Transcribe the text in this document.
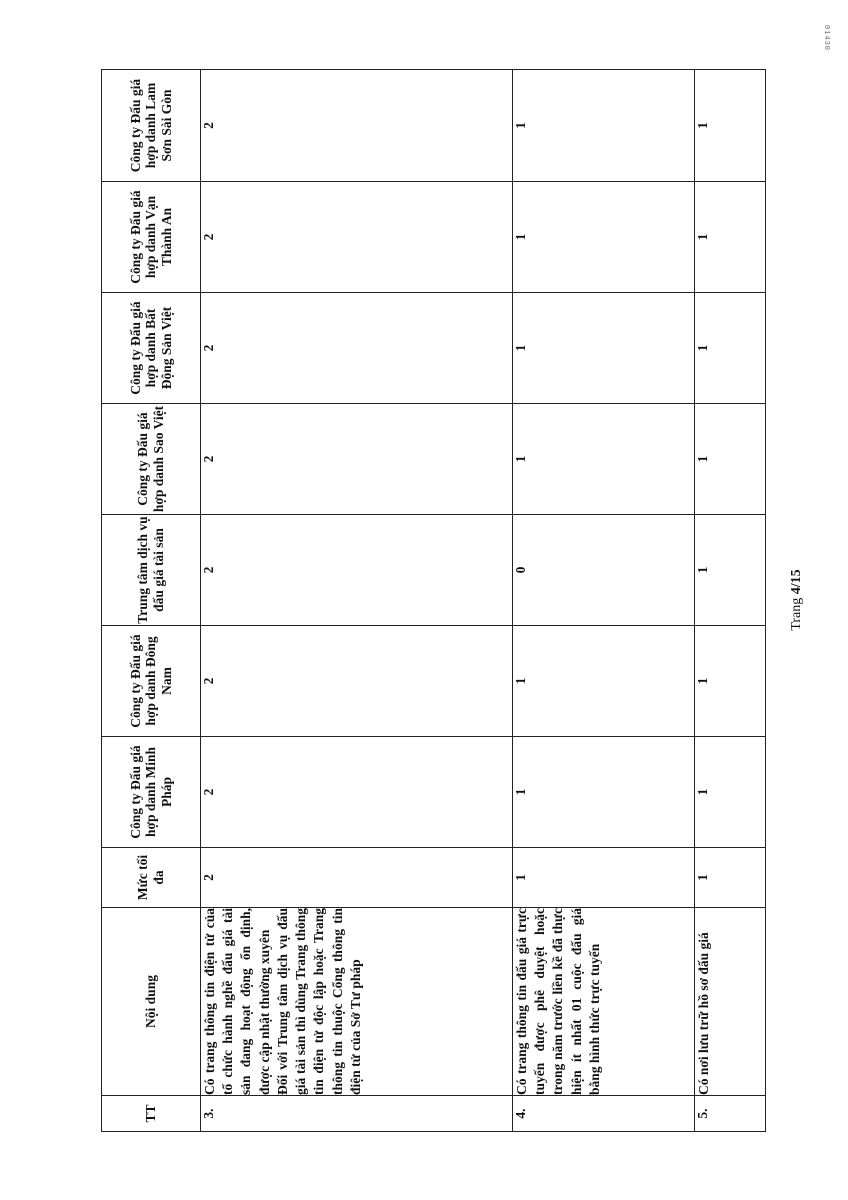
01430
TT	Nội dung	Mức tối đa	Công ty Đấu giá hợp danh Minh Pháp	Công ty Đấu giá hợp danh Đông Nam	Trung tâm dịch vụ đấu giá tài sản	Công ty Đấu giá hợp danh Sao Việt	Công ty Đấu giá hợp danh Bất Động Sản Việt	Công ty Đấu giá hợp danh Vạn Thành An	Công ty Đấu giá hợp danh Lam Sơn Sài Gòn
3.	Có trang thông tin điện tử của tổ chức hành nghề đấu giá tài sản đang hoạt động ổn định, được cập nhật thường xuyên Đối với Trung tâm dịch vụ đấu giá tài sản thì dùng Trang thông tin điện tử độc lập hoặc Trang thông tin thuộc Cổng thông tin điện tử của Sở Tư pháp	2	2	2	2	2	2	2	2
4.	Có trang thông tin đấu giá trực tuyến được phê duyệt hoặc trong năm trước liền kề đã thực hiện ít nhất 01 cuộc đấu giá bằng hình thức trực tuyến	1	1	1	0	1	1	1	1
5.	Có nơi lưu trữ hồ sơ đấu giá	1	1	1	1	1	1	1	1
Trang 4/15
